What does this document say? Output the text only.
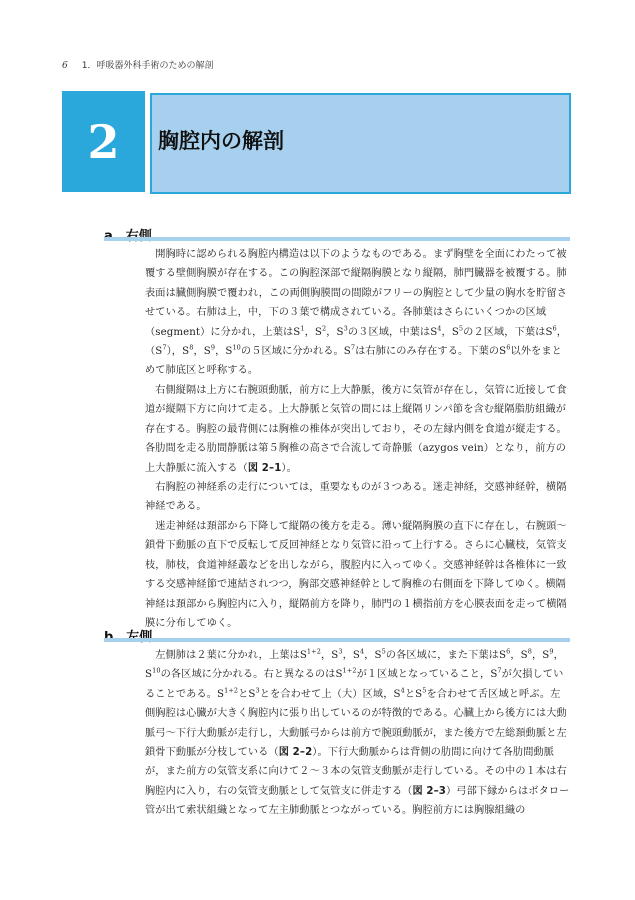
6 1．呼吸器外科手術のための解剖
2	胸腔内の解剖

開胸時に認められる胸腔内構造は以下のようなものである。まず胸壁を全面にわたって被覆する壁側胸膜が存在する。この胸腔深部で縦隔胸膜となり縦隔，肺門臓器を被覆する。肺表面は臓側胸膜で覆われ，この両側胸膜間の間隙がフリーの胸腔として少量の胸水を貯留させている。右肺は上，中，下の３葉で構成されている。各肺葉はさらにいくつかの区域（segment）に分かれ，上葉は$S^1$，$S^2$，$S^3$の３区域，中葉は$S^4$，$S^5$の２区域，下葉は$S^6$，$(S^7)$，$S^8$，$S^9$，$S^{10}$の５区域に分かれる。$S^7$は右肺にのみ存在する。下葉の$S^6$以外をまとめて肺底区と呼称する。

右側縦隔は上方に右腕頭動脈，前方に上大静脈，後方に気管が存在し，気管に近接して食道が縦隔下方に向けて走る。上大静脈と気管の間には上縦隔リンパ節を含む縦隔脂肪組織が存在する。胸腔の最背側には胸椎の椎体が突出しており，その左縁内側を食道が縦走する。各肋間を走る肋間静脈は第５胸椎の高さで合流して奇静脈（azygos vein）となり，前方の上大静脈に流入する（図 2–1）。

右胸腔の神経系の走行については，重要なものが３つある。迷走神経，交感神経幹，横隔神経である。

迷走神経は頚部から下降して縦隔の後方を走る。薄い縦隔胸膜の直下に存在し，右腕頭～鎖骨下動脈の直下で反転して反回神経となり気管に沿って上行する。さらに心臓枝，気管支枝，肺枝，食道神経叢などを出しながら，腹腔内に入ってゆく。交感神経幹は各椎体に一致する交感神経節で連結されつつ，胸部交感神経幹として胸椎の右側面を下降してゆく。横隔神経は頚部から胸腔内に入り，縦隔前方を降り，肺門の１横指前方を心膜表面を走って横隔膜に分布してゆく。

左側肺は２葉に分かれ，上葉は$S^{1+2}$，$S^3$，$S^4$，$S^5$の各区域に，また下葉は$S^6$，$S^8$，$S^9$，$S^{10}$の各区域に分かれる。右と異なるのは$S^{1+2}$が１区域となっていること，$S^7$が欠損していることである。$S^{1+2}$と$S^3$とを合わせて上（大）区域，$S^4$と$S^5$を合わせて舌区域と呼ぶ。左側胸腔は心臓が大きく胸腔内に張り出しているのが特徴的である。心臓上から後方には大動脈弓～下行大動脈が走行し，大動脈弓からは前方で腕頭動脈が，また後方で左総頚動脈と左鎖骨下動脈が分枝している（図 2–2）。下行大動脈からは背側の肋間に向けて各肋間動脈が，また前方の気管支系に向けて２～３本の気管支動脈が走行している。その中の１本は右胸腔内に入り，右の気管支動脈として気管支に併走する（図 2–3）弓部下縁からはボタロー管が出て索状組織となって左主肺動脈とつながっている。胸腔前方には胸腺組織の
